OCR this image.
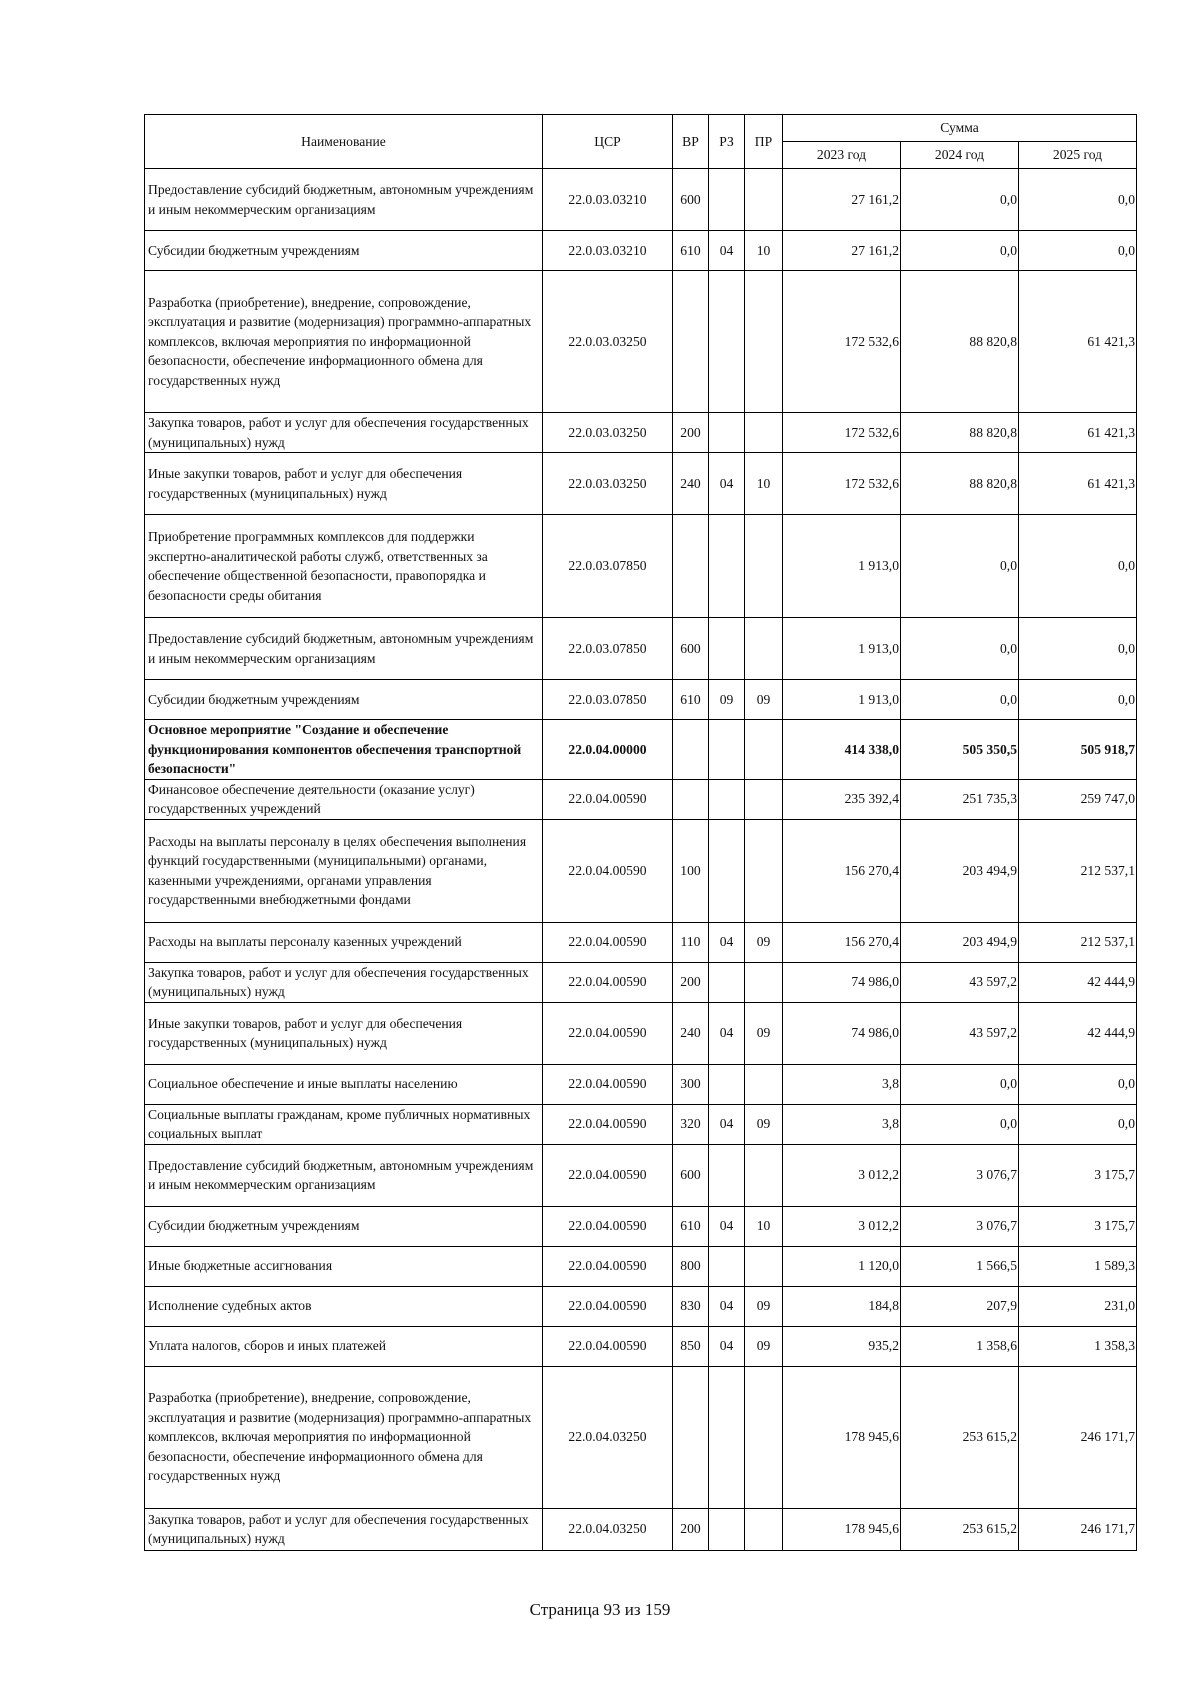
Наименование	ЦСР	ВР	РЗ	ПР	Сумма		
					2023 год	2024 год	2025 год
Предоставление субсидий бюджетным, автономным учреждениям и иным некоммерческим организациям	22.0.03.03210	600			27 161,2	0,0	0,0
Субсидии бюджетным учреждениям	22.0.03.03210	610	04	10	27 161,2	0,0	0,0
Разработка (приобретение), внедрение, сопровождение, эксплуатация и развитие (модернизация) программно-аппаратных комплексов, включая мероприятия по информационной безопасности, обеспечение информационного обмена для государственных нужд	22.0.03.03250				172 532,6	88 820,8	61 421,3
Закупка товаров, работ и услуг для обеспечения государственных (муниципальных) нужд	22.0.03.03250	200			172 532,6	88 820,8	61 421,3
Иные закупки товаров, работ и услуг для обеспечения государственных (муниципальных) нужд	22.0.03.03250	240	04	10	172 532,6	88 820,8	61 421,3
Приобретение программных комплексов для поддержки экспертно-аналитической работы служб, ответственных за обеспечение общественной безопасности, правопорядка и безопасности среды обитания	22.0.03.07850				1 913,0	0,0	0,0
Предоставление субсидий бюджетным, автономным учреждениям и иным некоммерческим организациям	22.0.03.07850	600			1 913,0	0,0	0,0
Субсидии бюджетным учреждениям	22.0.03.07850	610	09	09	1 913,0	0,0	0,0
Основное мероприятие "Создание и обеспечение функционирования компонентов обеспечения транспортной безопасности"	22.0.04.00000				414 338,0	505 350,5	505 918,7
Финансовое обеспечение деятельности (оказание услуг) государственных учреждений	22.0.04.00590				235 392,4	251 735,3	259 747,0
Расходы на выплаты персоналу в целях обеспечения выполнения функций государственными (муниципальными) органами, казенными учреждениями, органами управления государственными внебюджетными фондами	22.0.04.00590	100			156 270,4	203 494,9	212 537,1
Расходы на выплаты персоналу казенных учреждений	22.0.04.00590	110	04	09	156 270,4	203 494,9	212 537,1
Закупка товаров, работ и услуг для обеспечения государственных (муниципальных) нужд	22.0.04.00590	200			74 986,0	43 597,2	42 444,9
Иные закупки товаров, работ и услуг для обеспечения государственных (муниципальных) нужд	22.0.04.00590	240	04	09	74 986,0	43 597,2	42 444,9
Социальное обеспечение и иные выплаты населению	22.0.04.00590	300			3,8	0,0	0,0
Социальные выплаты гражданам, кроме публичных нормативных социальных выплат	22.0.04.00590	320	04	09	3,8	0,0	0,0
Предоставление субсидий бюджетным, автономным учреждениям и иным некоммерческим организациям	22.0.04.00590	600			3 012,2	3 076,7	3 175,7
Субсидии бюджетным учреждениям	22.0.04.00590	610	04	10	3 012,2	3 076,7	3 175,7
Иные бюджетные ассигнования	22.0.04.00590	800			1 120,0	1 566,5	1 589,3
Исполнение судебных актов	22.0.04.00590	830	04	09	184,8	207,9	231,0
Уплата налогов, сборов и иных платежей	22.0.04.00590	850	04	09	935,2	1 358,6	1 358,3
Разработка (приобретение), внедрение, сопровождение, эксплуатация и развитие (модернизация) программно-аппаратных комплексов, включая мероприятия по информационной безопасности, обеспечение информационного обмена для государственных нужд	22.0.04.03250				178 945,6	253 615,2	246 171,7
Закупка товаров, работ и услуг для обеспечения государственных (муниципальных) нужд	22.0.04.03250	200			178 945,6	253 615,2	246 171,7
Страница 93 из 159
